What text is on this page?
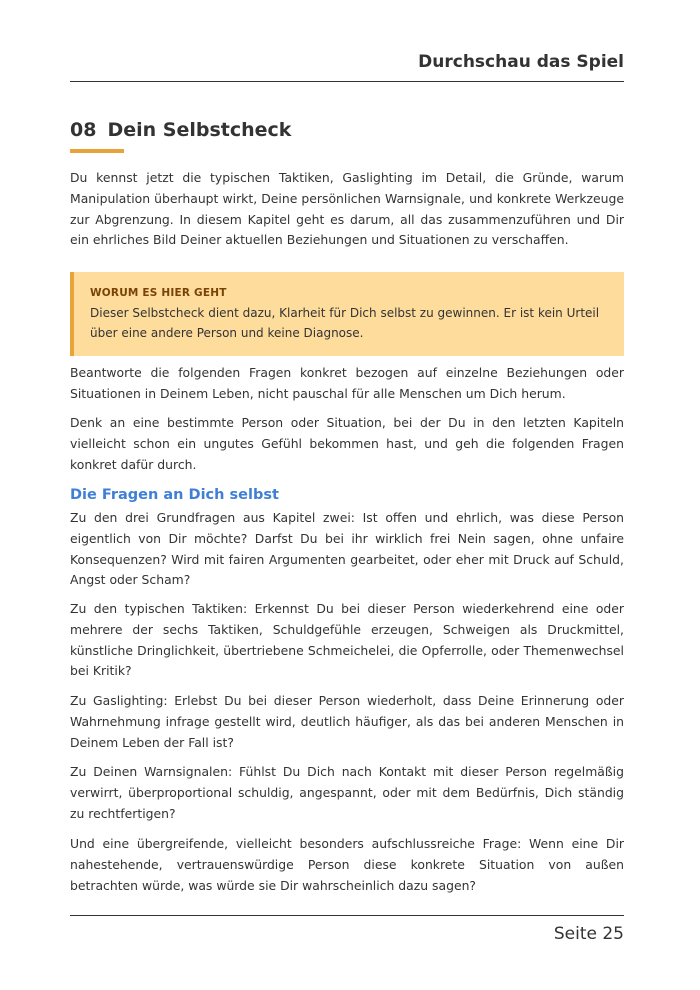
Durchschau das Spiel
08 Dein Selbstcheck

Du kennst jetzt die typischen Taktiken, Gaslighting im Detail, die Gründe, warum Manipulation überhaupt wirkt, Deine persönlichen Warnsignale, und konkrete Werkzeuge zur Abgrenzung. In diesem Kapitel geht es darum, all das zusammenzuführen und Dir ein ehrliches Bild Deiner aktuellen Beziehungen und Situationen zu verschaffen.

WORUM ES HIER GEHT
Dieser Selbstcheck dient dazu, Klarheit für Dich selbst zu gewinnen. Er ist kein Urteil über eine andere Person und keine Diagnose.

Beantworte die folgenden Fragen konkret bezogen auf einzelne Beziehungen oder Situationen in Deinem Leben, nicht pauschal für alle Menschen um Dich herum.

Denk an eine bestimmte Person oder Situation, bei der Du in den letzten Kapiteln vielleicht schon ein ungutes Gefühl bekommen hast, und geh die folgenden Fragen konkret dafür durch.

Die Fragen an Dich selbst

Zu den drei Grundfragen aus Kapitel zwei: Ist offen und ehrlich, was diese Person eigentlich von Dir möchte? Darfst Du bei ihr wirklich frei Nein sagen, ohne unfaire Konsequenzen? Wird mit fairen Argumenten gearbeitet, oder eher mit Druck auf Schuld, Angst oder Scham?

Zu den typischen Taktiken: Erkennst Du bei dieser Person wiederkehrend eine oder mehrere der sechs Taktiken, Schuldgefühle erzeugen, Schweigen als Druckmittel, künstliche Dringlichkeit, übertriebene Schmeichelei, die Opferrolle, oder Themenwechsel bei Kritik?

Zu Gaslighting: Erlebst Du bei dieser Person wiederholt, dass Deine Erinnerung oder Wahrnehmung infrage gestellt wird, deutlich häufiger, als das bei anderen Menschen in Deinem Leben der Fall ist?

Zu Deinen Warnsignalen: Fühlst Du Dich nach Kontakt mit dieser Person regelmäßig verwirrt, überproportional schuldig, angespannt, oder mit dem Bedürfnis, Dich ständig zu rechtfertigen?

Und eine übergreifende, vielleicht besonders aufschlussreiche Frage: Wenn eine Dir nahestehende, vertrauenswürdige Person diese konkrete Situation von außen betrachten würde, was würde sie Dir wahrscheinlich dazu sagen?

Seite 25
